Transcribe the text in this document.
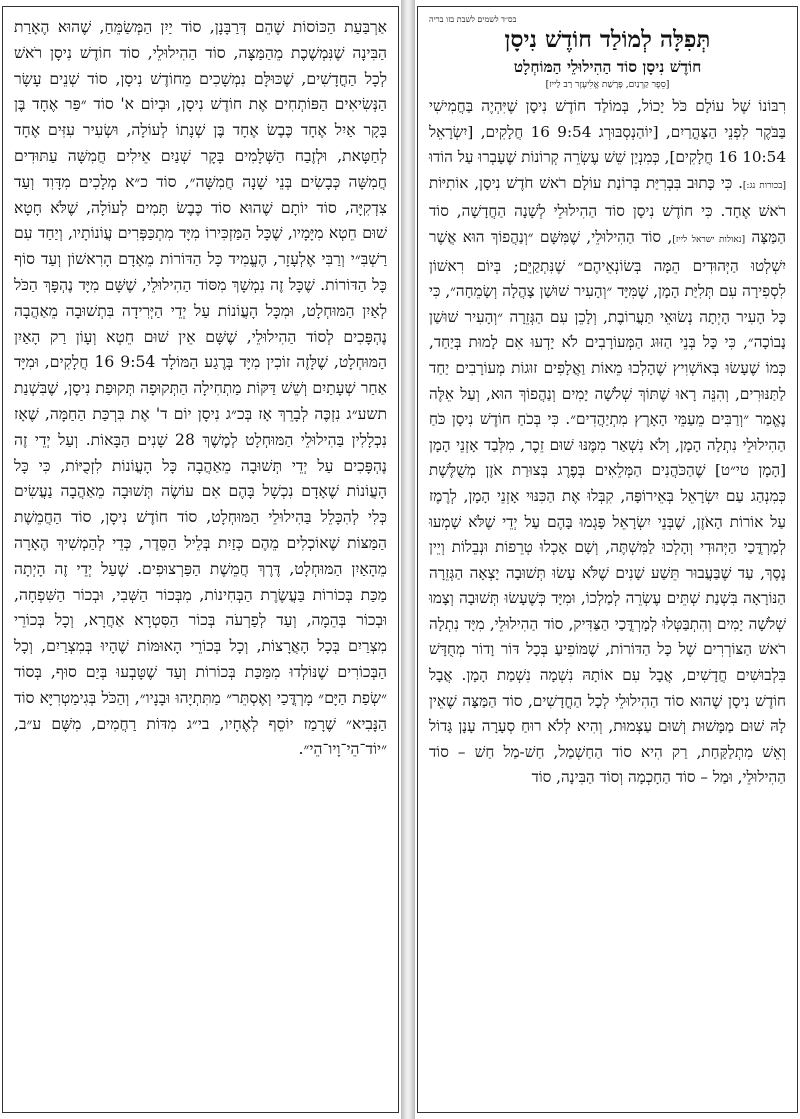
אַרְבַּעַת הַכּוֹסוֹת שֶׁהֵם דְּרַבָּנָן, סוֹד יַיִן הַמְּשַׂמֵּחַ, שֶׁהוּא הֶאָרַת הַבִּינָה שֶׁנִּמְשֶׁכֶת מֵהַמַּצָּה, סוֹד הַהִילוּלֵי, סוֹד חוֹדֶשׁ נִיסָן רֹאשׁ לְכָל הַחֳדָשִׁים, שֶׁכּוּלָּם נִמְשָׁכִים מֵחוֹדֶשׁ נִיסָן, סוֹד שְׁנֵים עָשָׂר הַנְּשִׂיאִים הַפּוֹתְחִים אֶת חוֹדֶשׁ נִיסָן, וּבְיוֹם א' סוֹד ״פַּר אֶחָד בֶּן בָּקָר אַיִל אֶחָד כֶּבֶשׂ אֶחָד בֶּן שְׁנָתוֹ לְעוֹלָה, וּשְׂעִיר עִזִּים אֶחָד לְחַטָּאת, וּלְזֶבַח הַשְּׁלָמִים בָּקָר שְׁנַיִם אֵילִים חֲמִשָּׁה עַתּוּדִים חֲמִשָּׁה כְּבָשִׂים בְּנֵי שָׁנָה חֲמִשָּׁה״, סוֹד כ״א מְלָכִים מִדָּוִד וְעַד צִדְקִיָּה, סוֹד יוֹתָם שֶׁהוּא סוֹד כֶּבֶשׂ תָּמִים לְעוֹלָה, שֶׁלֹּא חָטָא שׁוּם חֵטְא מִיָּמָיו, שֶׁכָּל הַמַּזְכִּירוֹ מִיָּד מִתְכַּפְּרִים עֲוֹנוֹתָיו, וְיַחַד עִם רַשְׁבִּ״י וְרַבִּי אֶלְעָזָר, הֶעֱמִיד כָּל הַדּוֹרוֹת מֵאָדָם הָרִאשׁוֹן וְעַד סוֹף כָּל הַדּוֹרוֹת. שֶׁכָּל זֶה נִמְשָׁךְ מִסּוֹד הַהִילוּלֵי, שֶׁשָּׁם מִיָּד נֶהְפָּךְ הַכֹּל לְאַיִן הַמּוּחְלָט, וּמִכָּל הָעֲוֹנוֹת עַל יְדֵי הַיְּרִידָה בִּתְשׁוּבָה מֵאַהֲבָה נֶהְפָּכִים לְסוֹד הַהִילוּלֵי, שֶׁשָּׁם אֵין שׁוּם חֵטְא וְעָוֹן רַק הָאַיִן הַמּוּחְלָט, שֶׁלָּזֶה זוֹכִין מִיָּד בְּרֶגַע הַמּוֹלָד 9:54 16 חֲלָקִים, וּמִיָּד אַחַר שְׁעָתַיִם וְשֵׁשׁ דַּקּוֹת מַתְחִילָה הַתְּקוּפָה תְּקוּפַת נִיסָן, שֶׁבִּשְׁנַת תשע״ג נִזְכֶּה לְבָרֵךְ אָז בְּכ״ג נִיסָן יוֹם ד' אֶת בִּרְכַּת הַחַמָּה, שֶׁאָז נִכְלָלִין בַּהִילוּלֵי הַמּוּחְלָט לְמֶשֶׁךְ 28 שָׁנִים הַבָּאוֹת. וְעַל יְדֵי זֶה נֶהְפָּכִים עַל יְדֵי תְּשׁוּבָה מֵאַהֲבָה כָּל הָעֲוֹנוֹת לִזְכֻיּוֹת, כִּי כָּל הָעֲוֹנוֹת שֶׁאָדָם נִכְשָׁל בָּהֶם אִם עוֹשֶׂה תְּשׁוּבָה מֵאַהֲבָה נַעֲשִׂים כְּלִי לְהִכָּלֵל בַּהִילוּלֵי הַמּוּחְלָט, סוֹד חוֹדֶשׁ נִיסָן, סוֹד הַחֲמֵשֶׁת הַמַּצּוֹת שֶׁאוֹכְלִים מֵהֶם כְּזַיִת בְּלֵיל הַסֵּדֶר, כְּדֵי לְהַמְשִׁיךְ הֶאָרָה מֵהָאַיִן הַמּוּחְלָט, דֶּרֶךְ חֲמֵשֶׁת הַפַּרְצוּפִים. שֶׁעַל יְדֵי זֶה הָיְתָה מַכַּת בְּכוֹרוֹת בַּעֲשֶׂרֶת הַבְּחִינוֹת, מִבְּכוֹר הַשְּׁבִי, וּבְכוֹר הַשִּׁפְחָה, וּבְכוֹר בְּהֵמָה, וְעַד לְפַרְעֹה בְּכוֹר הַסִּטְרָא אַחֲרָא, וְכָל בְּכוֹרֵי מִצְרַיִם בְּכָל הָאֲרָצוֹת, וְכָל בְּכוֹרֵי הָאוּמּוֹת שֶׁהָיוּ בְּמִצְרַיִם, וְכָל הַבְּכוֹרִים שֶׁנּוֹלְדוּ מִמַּכַּת בְּכוֹרוֹת וְעַד שֶׁטָּבְעוּ בְּיַם סוּף, בְּסוֹד ״שְׂפַת הַיָּם״ מָרְדֳּכַי וְאֶסְתֵּר״ מַתִּתְיָהוּ וּבָנָיו״, וְהַכֹּל בְּגִימַטְרִיָּא סוֹד הַנָּבִיא״ שֶׁרָמַז יוֹסֵף לְאֶחָיו, בי״ג מִדּוֹת רַחֲמִים, מִשָּׁם ע״ב, ״יוֹד־הֵי־וָיו־הֵי״.

בס״ד לשמים לשבת בזו בריה
תְּפִלָּה לְמוֹלַד חוֹדֶשׁ נִיסָן
חוֹדֶשׁ נִיסָן סוֹד הַהִילוּלֵי הַמּוֹחְלָט
[סֵפֶר קַרְנַיִם, פָּרָשַׁת אֱלִיעֶזֶר רַב לַייז]

רִבּוֹנוֹ שֶׁל עוֹלָם כֹּל יָכוֹל, בְּמוֹלַד חוֹדֶשׁ נִיסָן שֶׁיִּהְיֶה בַּחֲמִישִׁי בַּבֹּקֶר לִפְנֵי הַצָּהֳרַיִם, [יוֹהַנְסְבּוּרְג 9:54 16 חֲלָקִים, [יִשְׂרָאֵל 10:54 16 חֲלָקִים], כְּמִנְיַן שֵׁשׁ עֶשְׂרֵה קְרוֹנוֹת שֶׁעָבְרוּ עַל הוֹדוּ [בכורות נג:]. כִּי כָּתוּב בִּבְרִיַּת בְּרוֹנַת עוֹלָם רֹאשׁ חֹדֶשׁ נִיסָן, אוֹתִיּוֹת רֹאשׁ אֶחָד. כִּי חוֹדֶשׁ נִיסָן סוֹד הַהִילוּלֵי לְשָׁנָה הַחֲדָשָׁה, סוֹד הַמַּצָּה [נאולות ישראל לייז], סוֹד הַהִילוּלֵי, שֶׁמִּשָּׁם ״וְנַהֲפוֹךְ הוּא אֲשֶׁר יִשְׁלְטוּ הַיְּהוּדִים הֵמָּה בְּשׂוֹנְאֵיהֶם״ שֶׁנִּתְקַיֵּם; בְּיוֹם רִאשׁוֹן לִסְפִירָה עִם תְּלִיַּת הָמָן, שֶׁמִּיָּד ״וְהָעִיר שׁוּשַׁן צָהֲלָה וְשָׂמֵחָה״, כִּי כָּל הָעִיר הָיְתָה נְשׂוּאֵי תַּעֲרוֹבֶת, וְלָכֵן עִם הַגְּזֵרָה ״וְהָעִיר שׁוּשַׁן נָבוֹכָה״, כִּי כָּל בְּנֵי הַזּוּג הַמְּעוֹרָבִים לֹא יָדְעוּ אִם לָמוּת בְּיַחַד, כְּמוֹ שֶׁעָשׂוּ בְּאוֹשְׁוִיץ שֶׁהָלְכוּ מֵאוֹת וַאֲלָפִים זוּגוֹת מְעוֹרָבִים יַחַד לַתַּנּוּרִים, וְהִנֵּה רָאוּ שֶׁתּוֹךְ שְׁלֹשָׁה יָמִים וְנַהֲפוֹךְ הוּא, וְעַל אֵלֶּה נֶאֱמַר ״וְרַבִּים מֵעַמֵּי הָאָרֶץ מִתְיַהֲדִים״. כִּי בְּכֹחַ חוֹדֶשׁ נִיסָן כֹּחַ הַהִילוּלֵי נִתְלָה הָמָן, וְלֹא נִשְׁאַר מִמֶּנּוּ שׁוּם זֵכֶר, מִלְּבַד אָזְנֵי הָמָן [הָמָן טי״ט] שֶׁהַכֹּהֲנִים הַמְּלֵאִים בְּפֶרֶג בְּצוּרַת אֹזֶן מְשֻׁלֶּשֶׁת כְּמִנְהַג עַם יִשְׂרָאֵל בְּאֵירוֹפָּה, קִבְּלוּ אֶת הַכִּנּוּי אָזְנֵי הָמָן, לְרֶמֶז עַל אוֹרוֹת הָאֹזֶן, שֶׁבְּנֵי יִשְׂרָאֵל פָּגְמוּ בָּהֶם עַל יְדֵי שֶׁלֹּא שָׁמְעוּ לְמָרְדֳּכַי הַיְּהוּדִי וְהָלְכוּ לַמִּשְׁתֶּה, וְשָׁם אָכְלוּ טְרֵפוֹת וּנְבֵלוֹת וְיֵין נֶסֶךְ, עַד שֶׁבַּעֲבוּר תֵּשַׁע שָׁנִים שֶׁלֹּא עָשׂוּ תְּשׁוּבָה יָצְאָה הַגְּזֵרָה הַנּוֹרָאָה בִּשְׁנַת שְׁתֵּים עֶשְׂרֵה לְמַלְכוֹ, וּמִיָּד כְּשֶׁעָשׂוּ תְּשׁוּבָה וְצָמוּ שְׁלֹשָׁה יָמִים וְהִתְבַּטְּלוּ לְמָרְדֳּכַי הַצַּדִּיק, סוֹד הַהִילוּלֵי, מִיָּד נִתְלָה רֹאשׁ הַצּוֹרְרִים שֶׁל כָּל הַדּוֹרוֹת, שֶׁמּוֹפִיעַ בְּכָל דּוֹר וָדוֹר מְחֻדָּשׁ בִּלְבוּשִׁים חֲדָשִׁים, אֲבָל עִם אוֹתָהּ נִשְׁמָה נִשְׁמַת הָמָן. אֲבָל חוֹדֶשׁ נִיסָן שֶׁהוּא סוֹד הַהִילוּלֵי לְכָל הַחֳדָשִׁים, סוֹד הַמַּצָּה שֶׁאֵין לָהּ שׁוּם מַמָּשׁוּת וְשׁוּם עַצְמוּת, וְהִיא לְלֹא רוּחַ סְעָרָה עָנָן גָּדוֹל וְאֵשׁ מִתְלַקַּחַת, רַק הִיא סוֹד הַחַשְׁמַל, חַשׁ-מַל חַשׁ – סוֹד הַהִילוּלֵי, וּמַל – סוֹד הַחָכְמָה וְסוֹד הַבִּינָה, סוֹד
